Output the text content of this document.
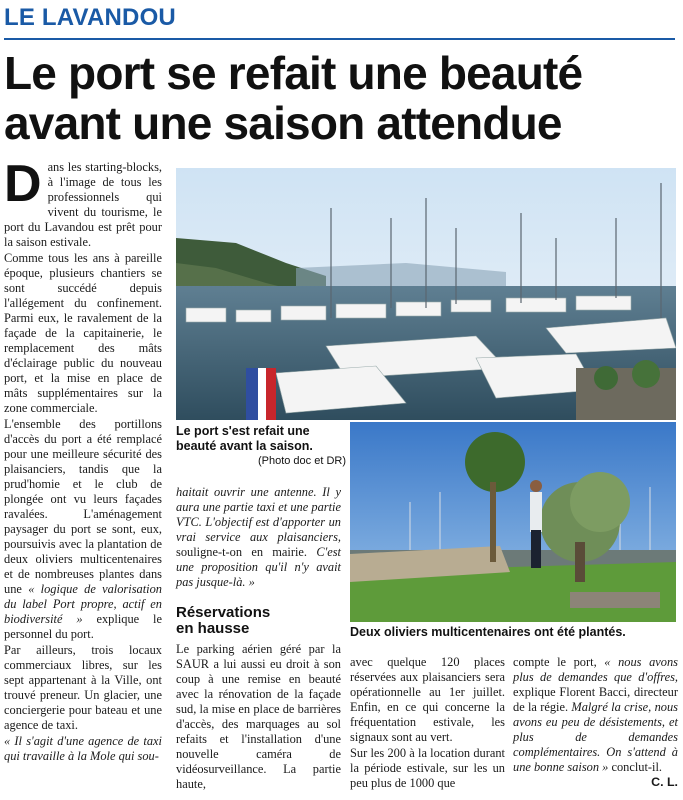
LE LAVANDOU
Le port se refait une beauté
avant une saison attendue
D ans les starting-blocks, à l'image de tous les professionnels qui vivent du tourisme, le port du Lavandou est prêt pour la saison estivale.

Comme tous les ans à pareille époque, plusieurs chantiers se sont succédé depuis l'allégement du confinement. Parmi eux, le ravalement de la façade de la capitainerie, le remplacement des mâts d'éclairage public du nouveau port, et la mise en place de mâts supplémentaires sur la zone commerciale.

L'ensemble des portillons d'accès du port a été remplacé pour une meilleure sécurité des plaisanciers, tandis que la prud'homie et le club de plongée ont vu leurs façades ravalées. L'aménagement paysager du port se sont, eux, poursuivis avec la plantation de deux oliviers multicentenaires et de nombreuses plantes dans une « logique de valorisation du label Port propre, actif en biodiversité » explique le personnel du port.

Par ailleurs, trois locaux commerciaux libres, sur les sept appartenant à la Ville, ont trouvé preneur. Un glacier, une conciergerie pour bateau et une agence de taxi.

« Il s'agit d'une agence de taxi qui travaille à la Mole qui sou-

Le port s'est refait une beauté avant la saison.
(Photo doc et DR)
Deux oliviers multicentenaires ont été plantés.

haitait ouvrir une antenne. Il y aura une partie taxi et une partie VTC. L'objectif est d'apporter un vrai service aux plaisanciers, souligne-t-on en mairie. C'est une proposition qu'il n'y avait pas jusque-là. »

Réservations en hausse

Le parking aérien géré par la SAUR a lui aussi eu droit à son coup à une remise en beauté avec la rénovation de la façade sud, la mise en place de barrières d'accès, des marquages au sol refaits et l'installation d'une nouvelle caméra de vidéosurveillance. La partie haute,

avec quelque 120 places réservées aux plaisanciers sera opérationnelle au 1er juillet. Enfin, en ce qui concerne la fréquentation estivale, les signaux sont au vert.

Sur les 200 à la location durant la période estivale, sur les un peu plus de 1000 que

compte le port, « nous avons plus de demandes que d'offres, explique Florent Bacci, directeur de la régie. Malgré la crise, nous avons eu peu de désistements, et plus de demandes complémentaires. On s'attend à une bonne saison » conclut-il.
C. L.
